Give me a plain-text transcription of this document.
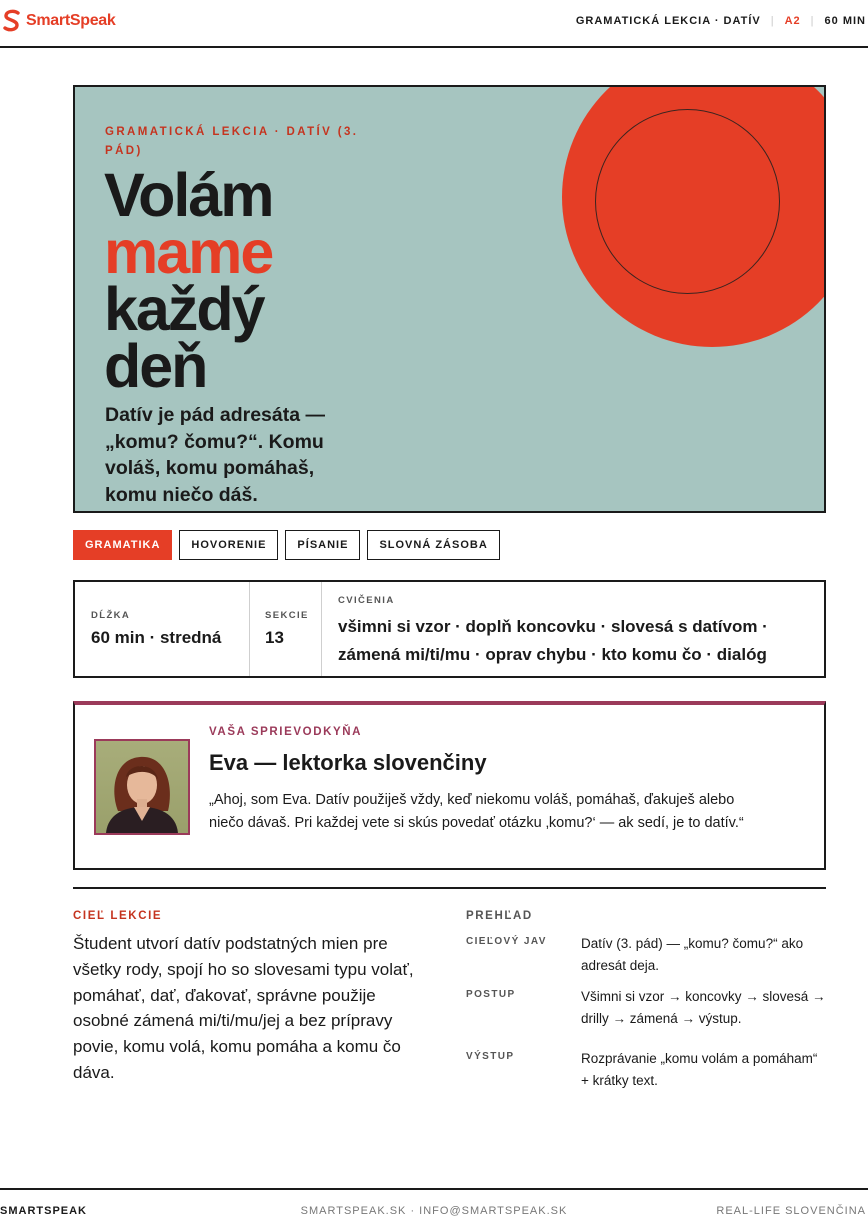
SmartSpeak	GRAMATICKÁ LEKCIA · DATÍV | A2 | 60 MIN
GRAMATICKÁ LEKCIA · DATÍV (3. PÁD)
Volám
mame
každý
deň

Datív je pád adresáta — „komu? čomu?“. Komu voláš, komu pomáhaš, komu niečo dáš.

GRAMATIKA	HOVORENIE	PÍSANIE	SLOVNÁ ZÁSOBA
DĹŽKA
60 min · stredná
SEKCIE
13
CVIČENIA
všimni si vzor · doplň koncovku · slovesá s datívom · zámená mi/ti/mu · oprav chybu · kto komu čo · dialóg
VAŠA SPRIEVODKYŇA
Eva — lektorka slovenčiny

„Ahoj, som Eva. Datív použiješ vždy, keď niekomu voláš, pomáhaš, ďakuješ alebo niečo dávaš. Pri každej vete si skús povedať otázku ‚komu?‘ — ak sedí, je to datív.“

CIEĽ LEKCIE

Študent utvorí datív podstatných mien pre všetky rody, spojí ho so slovesami typu volať, pomáhať, dať, ďakovať, správne použije osobné zámená mi/ti/mu/jej a bez prípravy povie, komu volá, komu pomáha a komu čo dáva.

PREHĽAD
CIEĽOVÝ JAV	Datív (3. pád) — „komu? čomu?“ ako adresát deja.
POSTUP	Všimni si vzor → koncovky → slovesá → drilly → zámená → výstup.
VÝSTUP	Rozprávanie „komu volám a pomáham“ + krátky text.
SMARTSPEAK.SK · INFO@SMARTSPEAK.SK
SMARTSPEAK	REAL-LIFE SLOVENČINA
